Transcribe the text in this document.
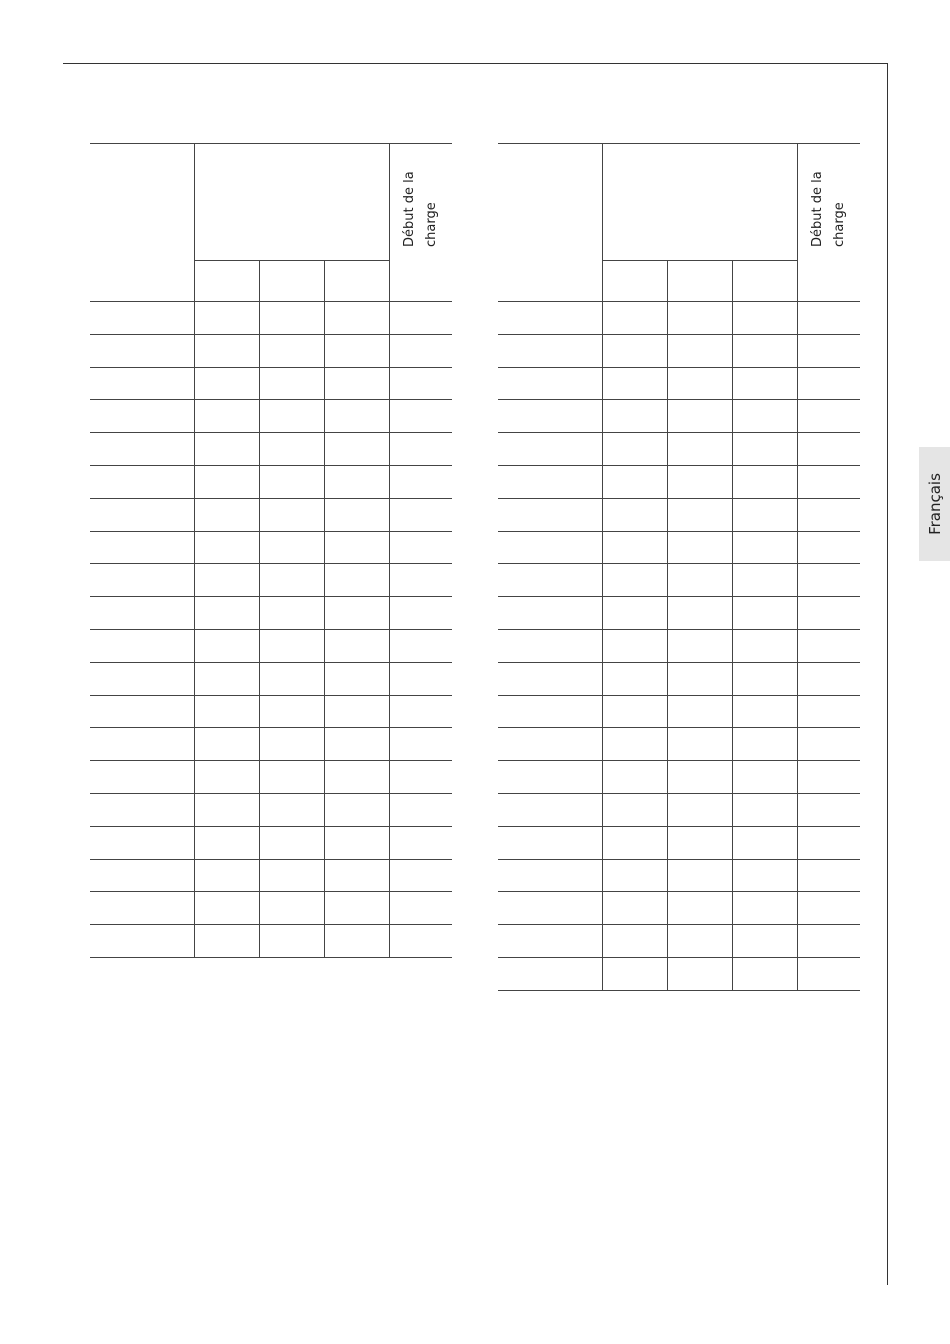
Français

				Début de la charge

				Début de la charge
